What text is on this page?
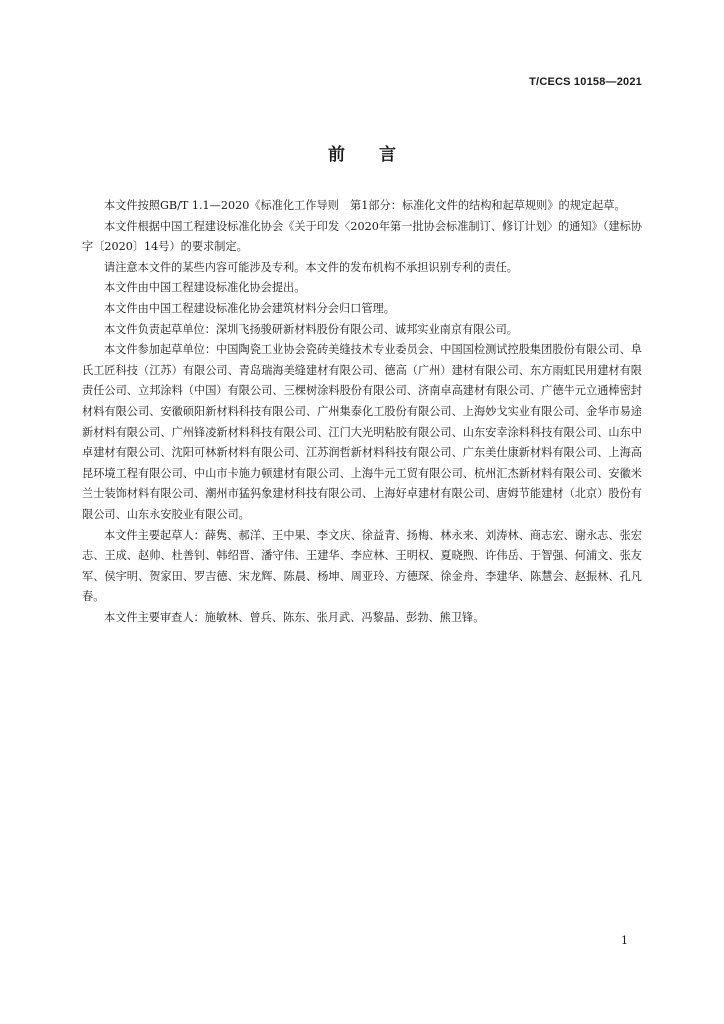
T/CECS 10158—2021
前言

本文件按照GB/T 1.1—2020《标准化工作导则　第1部分：标准化文件的结构和起草规则》的规定起草。

本文件根据中国工程建设标准化协会《关于印发〈2020年第一批协会标准制订、修订计划〉的通知》（建标协字〔2020〕14号）的要求制定。

请注意本文件的某些内容可能涉及专利。本文件的发布机构不承担识别专利的责任。

本文件由中国工程建设标准化协会提出。

本文件由中国工程建设标准化协会建筑材料分会归口管理。

本文件负责起草单位：深圳飞扬骏研新材料股份有限公司、诚邦实业南京有限公司。

本文件参加起草单位：中国陶瓷工业协会瓷砖美缝技术专业委员会、中国国检测试控股集团股份有限公司、阜氏工匠科技（江苏）有限公司、青岛瑞海美缝建材有限公司、德高（广州）建材有限公司、东方雨虹民用建材有限责任公司、立邦涂料（中国）有限公司、三棵树涂料股份有限公司、济南卓高建材有限公司、广德牛元立通棒密封材料有限公司、安徽硕阳新材料科技有限公司、广州集泰化工股份有限公司、上海妙戈实业有限公司、金华市易途新材料有限公司、广州锋凌新材料科技有限公司、江门大光明粘胶有限公司、山东安幸涂料科技有限公司、山东中卓建材有限公司、沈阳可林新材料有限公司、江苏润哲新材料科技有限公司、广东美仕康新材料有限公司、上海高昆环境工程有限公司、中山市卡施力顿建材有限公司、上海牛元工贸有限公司、杭州汇杰新材料有限公司、安徽米兰士装饰材料有限公司、潮州市猛犸象建材科技有限公司、上海好卓建材有限公司、唐姆节能建材（北京）股份有限公司、山东永安胶业有限公司。

本文件主要起草人：薛隽、郝洋、王中果、李文庆、徐益青、扬梅、林永来、刘涛林、商志宏、谢永志、张宏志、王成、赵帅、杜善钊、韩绍晋、潘守伟、王建华、李应林、王明权、夏晓煦、许伟岳、于智强、何浦文、张友军、侯宇明、贺家田、罗吉德、宋龙辉、陈晨、杨坤、周亚玲、方德琛、徐金舟、李建华、陈慧会、赵振林、孔凡春。

本文件主要审查人：施敏林、曾兵、陈东、张月武、冯黎晶、彭勃、熊卫锋。

1
